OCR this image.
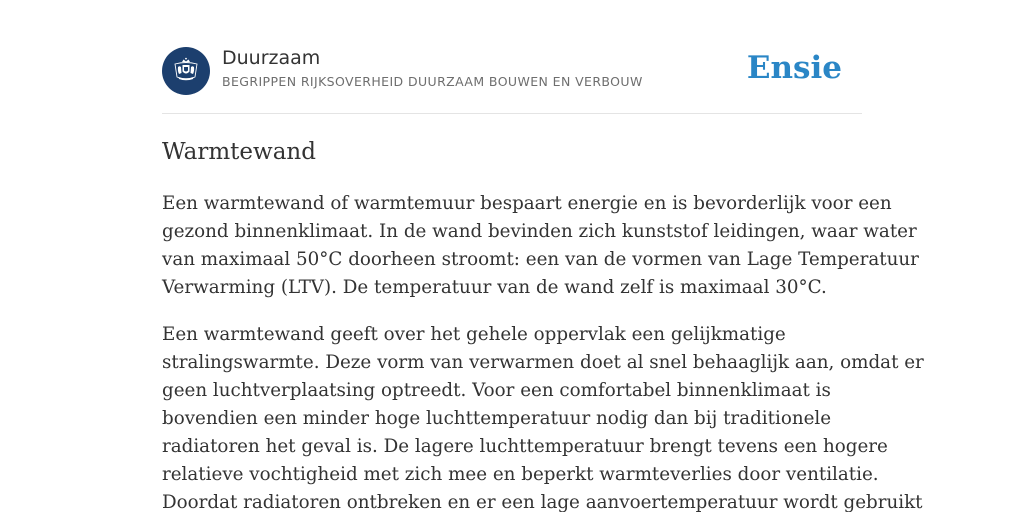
Duurzaam
BEGRIPPEN RIJKSOVERHEID DUURZAAM BOUWEN EN VERBOUW	Ensie
Warmtewand

Een warmtewand of warmtemuur bespaart energie en is bevorderlijk voor een
gezond binnenklimaat. In de wand bevinden zich kunststof leidingen, waar water
van maximaal 50°C doorheen stroomt: een van de vormen van Lage Temperatuur
Verwarming (LTV). De temperatuur van de wand zelf is maximaal 30°C.

Een warmtewand geeft over het gehele oppervlak een gelijkmatige
stralingswarmte. Deze vorm van verwarmen doet al snel behaaglijk aan, omdat er
geen luchtverplaatsing optreedt. Voor een comfortabel binnenklimaat is
bovendien een minder hoge luchttemperatuur nodig dan bij traditionele
radiatoren het geval is. De lagere luchttemperatuur brengt tevens een hogere
relatieve vochtigheid met zich mee en beperkt warmteverlies door ventilatie.
Doordat radiatoren ontbreken en er een lage aanvoertemperatuur wordt gebruikt
